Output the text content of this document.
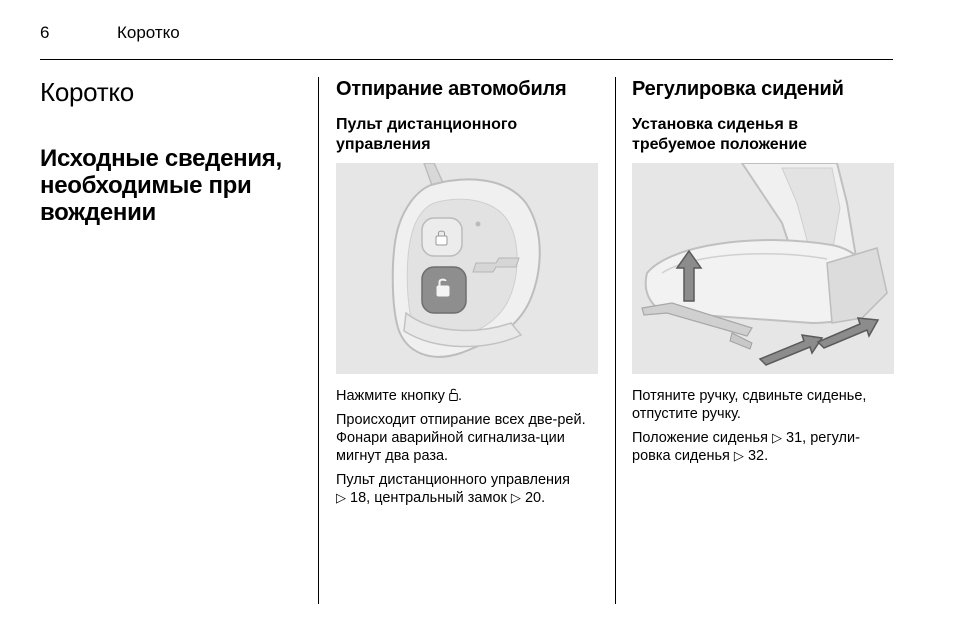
6	Коротко
Коротко
Исходные сведения, необходимые при вождении
Отпирание автомобиля
Пульт дистанционного управления

Нажмите кнопку .

Происходит отпирание всех две-рей. Фонари аварийной сигнализа-ции мигнут два раза.

Пульт дистанционного управления
▷ 18, центральный замок ▷ 20.

Регулировка сидений
Установка сиденья в требуемое положение

Потяните ручку, сдвиньте сиденье, отпустите ручку.

Положение сиденья ▷ 31, регули-ровка сиденья ▷ 32.
